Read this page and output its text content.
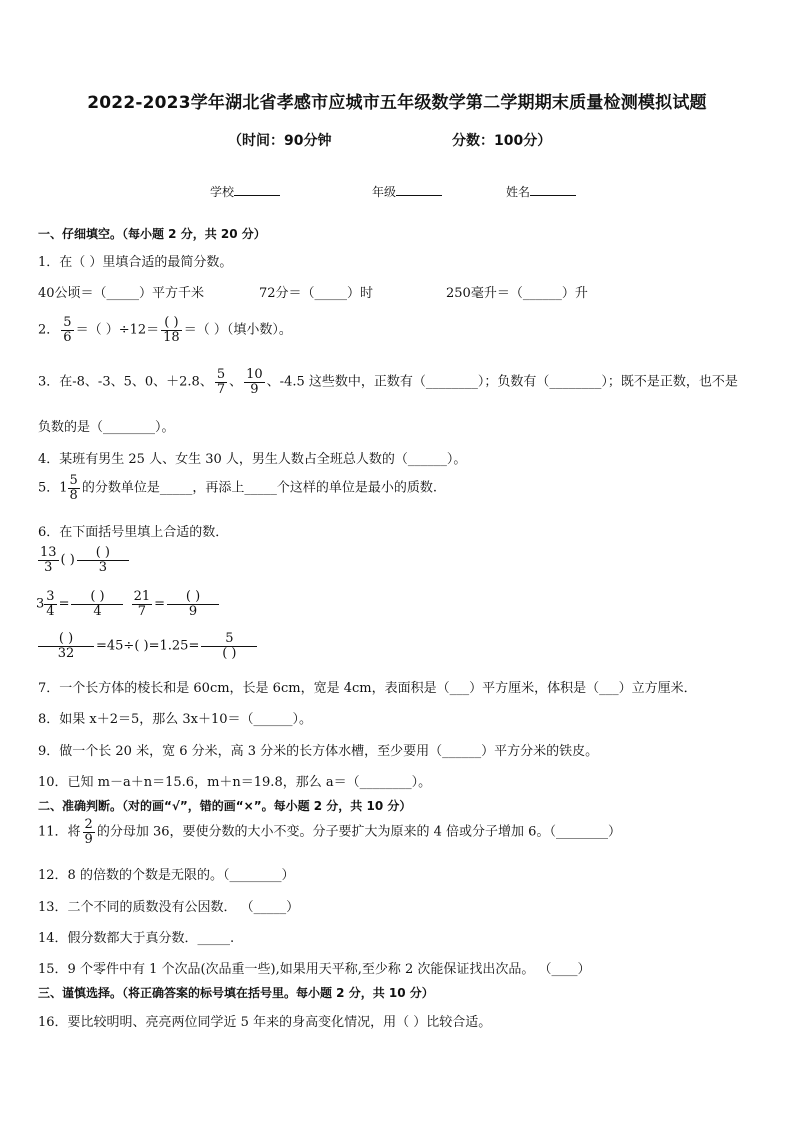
2022-2023学年湖北省孝感市应城市五年级数学第二学期期末质量检测模拟试题
（时间：90分钟	分数：100分）
学校	年级	姓名
一、仔细填空。（每小题 2 分，共 20 分）
1．在（ ）里填合适的最简分数。
40公顷＝（_____）平方千米	72分＝（_____）时	250毫升＝（______）升
2． $\frac{5}{6}$ ＝（ ）$\div 12= \frac{( )}{18}$ ＝（ ）（填小数）。
3．在-8、-3、5、0、＋2.8、 $\frac{5}{7}$ 、 $\frac{10}{9}$ 、-4.5 这些数中，正数有（________）；负数有（________）；既不是正数，也不是
负数的是（________）。
4．某班有男生 25 人、女生 30 人，男生人数占全班总人数的（______）。
5．$1 \frac{5}{8}$ 的分数单位是_____，再添上_____个这样的单位是最小的质数.
6．在下面括号里填上合适的数．
$\frac{13}{3}$ ( ) $\frac{( )}{3}$
$3 \frac{3}{4} = \frac{( )}{4}$
$\frac{21}{7} = \frac{( )}{9}$
$\frac{( )}{32} =45\div$( )$=1.25= \frac{5}{( )}$
7．一个长方体的棱长和是 60cm，长是 6cm，宽是 4cm，表面积是（___）平方厘米，体积是（___）立方厘米．
8．如果 x＋2＝5，那么 3x＋10＝（______）。
9．做一个长 20 米，宽 6 分米，高 3 分米的长方体水槽，至少要用（______）平方分米的铁皮。
10．已知 m－a＋n＝15.6，m＋n＝19.8，那么 a＝（________）。
二、准确判断。（对的画“√”，错的画“×”。每小题 2 分，共 10 分）
11．将 $\frac{2}{9}$ 的分母加 36，要使分数的大小不变。分子要扩大为原来的 4 倍或分子增加 6。（________）
12．8 的倍数的个数是无限的。（________）
13．二个不同的质数没有公因数． （_____）
14．假分数都大于真分数．_____.
15．9 个零件中有 1 个次品(次品重一些),如果用天平称,至少称 2 次能保证找出次品。 （____）
三、谨慎选择。（将正确答案的标号填在括号里。每小题 2 分，共 10 分）
16．要比较明明、亮亮两位同学近 5 年来的身高变化情况，用（ ）比较合适。
